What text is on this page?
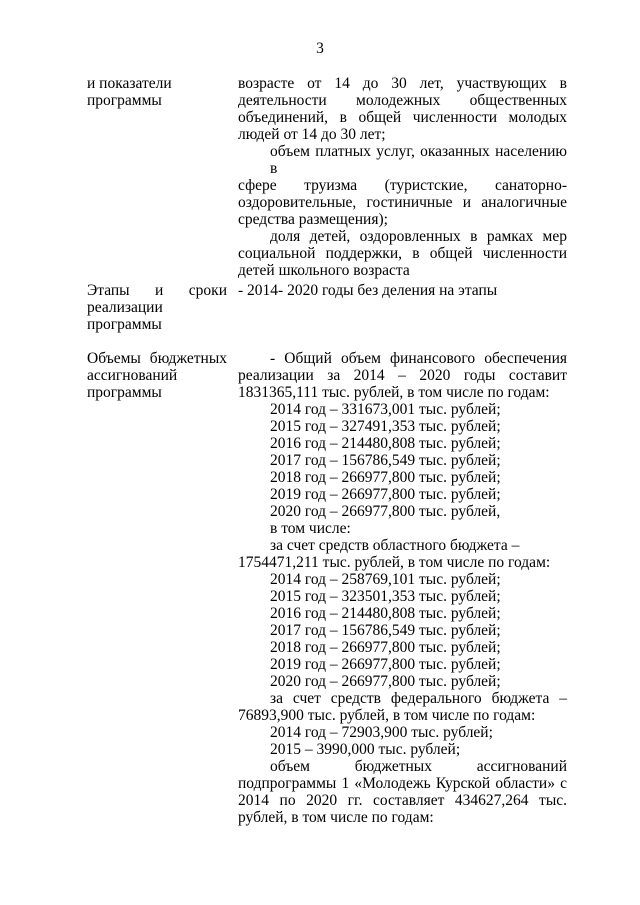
3
и показатели
программы
возрасте от 14 до 30 лет, участвующих в
деятельности молодежных общественных
объединений, в общей численности молодых
людей от 14 до 30 лет;
объем платных услуг, оказанных населению в
сфере труизма (туристские, санаторно-
оздоровительные, гостиничные и аналогичные
средства размещения);
доля детей, оздоровленных в рамках мер
социальной поддержки, в общей численности
детей школьного возраста
Этапы и сроки
реализации
программы
- 2014- 2020 годы без деления на этапы
Объемы бюджетных
ассигнований
программы
- Общий объем финансового обеспечения
реализации за 2014 – 2020 годы составит
1831365,111 тыс. рублей, в том числе по годам:
2014 год – 331673,001 тыс. рублей;
2015 год – 327491,353 тыс. рублей;
2016 год – 214480,808 тыс. рублей;
2017 год – 156786,549 тыс. рублей;
2018 год – 266977,800 тыс. рублей;
2019 год – 266977,800 тыс. рублей;
2020 год – 266977,800 тыс. рублей,
в том числе:
за счет средств областного бюджета –
1754471,211 тыс. рублей, в том числе по годам:
2014 год – 258769,101 тыс. рублей;
2015 год – 323501,353 тыс. рублей;
2016 год – 214480,808 тыс. рублей;
2017 год – 156786,549 тыс. рублей;
2018 год – 266977,800 тыс. рублей;
2019 год – 266977,800 тыс. рублей;
2020 год – 266977,800 тыс. рублей;
за счет средств федерального бюджета –
76893,900 тыс. рублей, в том числе по годам:
2014 год – 72903,900 тыс. рублей;
2015 – 3990,000 тыс. рублей;
объем бюджетных ассигнований
подпрограммы 1 «Молодежь Курской области» с
2014 по 2020 гг. составляет 434627,264 тыс.
рублей, в том числе по годам:
